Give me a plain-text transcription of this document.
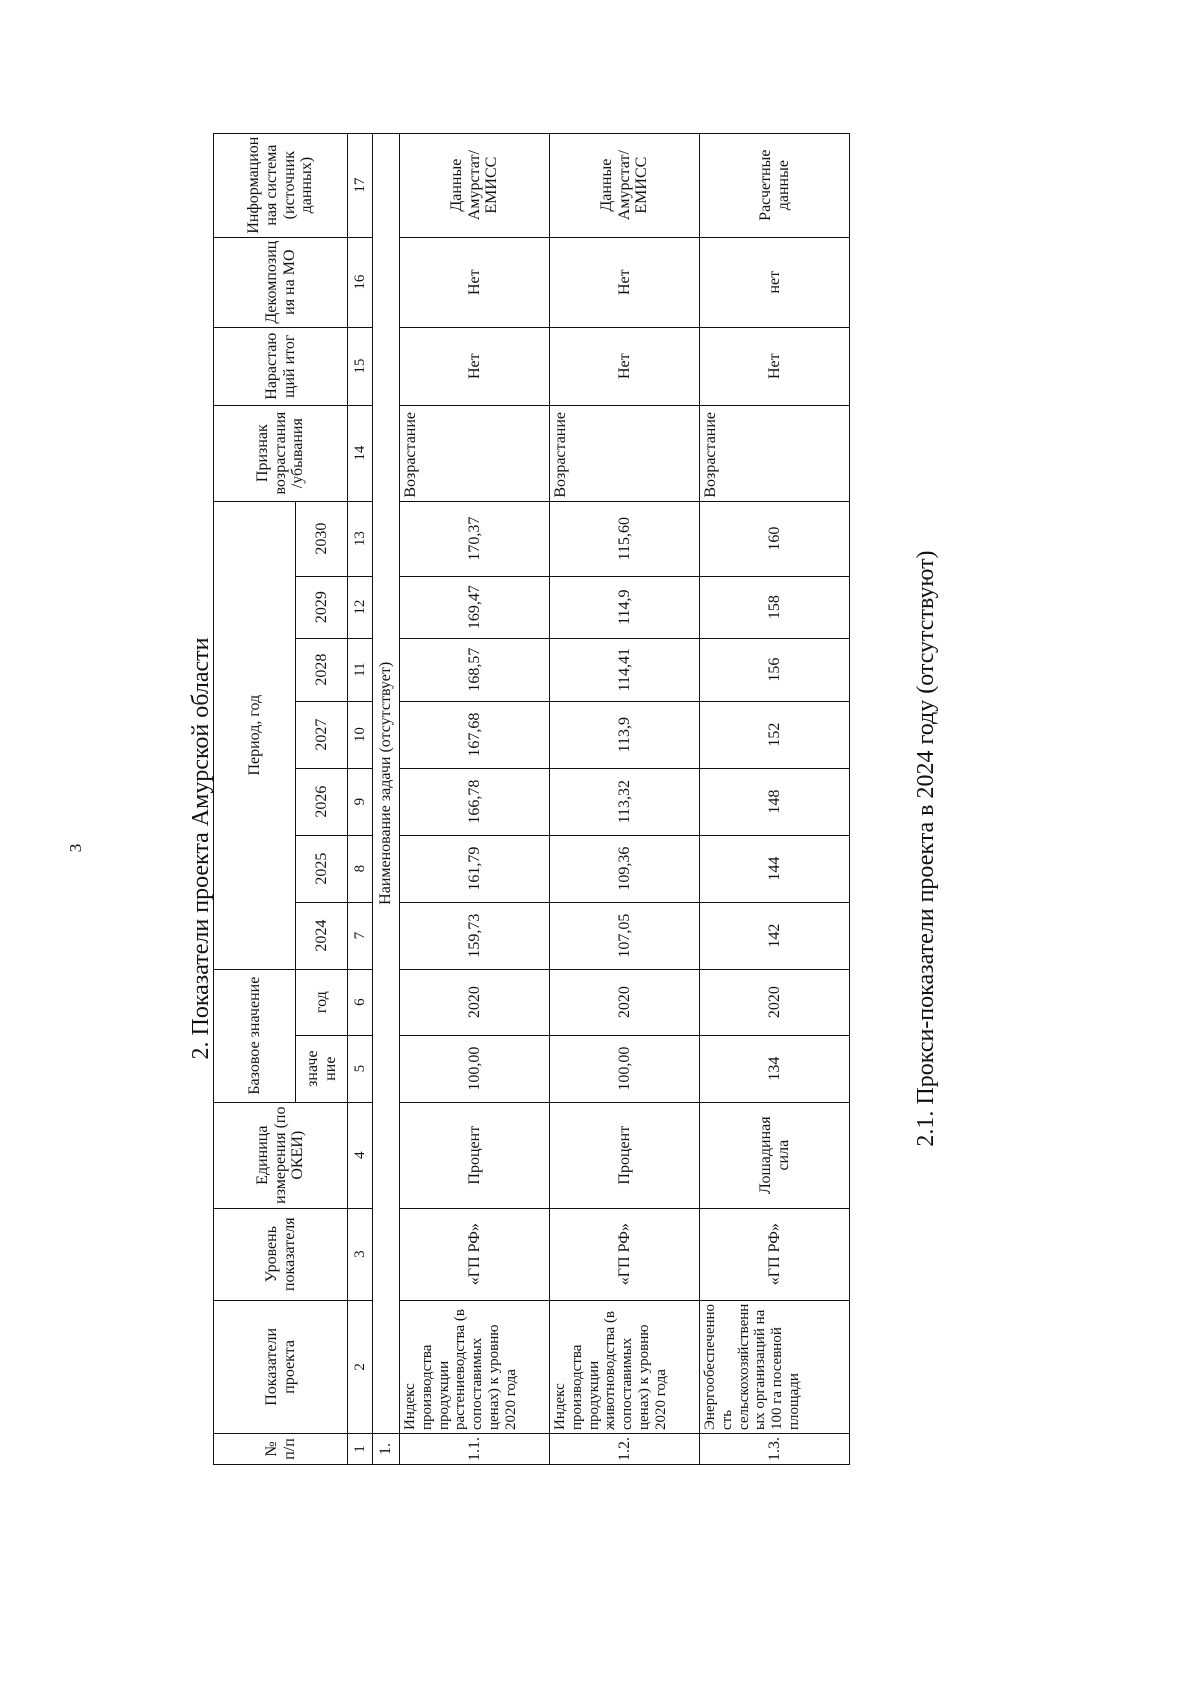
3	2. Показатели проекта Амурской области
№ п/п	Показатели проекта	Уровень показателя	Единица измерения (по ОКЕИ)	Базовое значение		Период, год							Признак возрастания /убывания	Нарастаю щий итог	Декомпозиц ия на МО	Информацион ная система (источник данных)
				значе ние	год	2024	2025	2026	2027	2028	2029	2030				
1	2	3	4	5	6	7	8	9	10	11	12	13	14	15	16	17
1.	Наименование задачи (отсутствует)															
1.1.	Индекс производства продукции растениеводства (в сопоставимых ценах) к уровню 2020 года	«ГП РФ»	Процент	100,00	2020	159,73	161,79	166,78	167,68	168,57	169,47	170,37	Возрастание	Нет	Нет	Данные Амурстат/ ЕМИСС
1.2.	Индекс производства продукции животноводства (в сопоставимых ценах) к уровню 2020 года	«ГП РФ»	Процент	100,00	2020	107,05	109,36	113,32	113,9	114,41	114,9	115,60	Возрастание	Нет	Нет	Данные Амурстат/ ЕМИСС
1.3.	Энергообеспеченно сть сельскохозяйственн ых организаций на 100 га посевной площади	«ГП РФ»	Лошадиная сила	134	2020	142	144	148	152	156	158	160	Возрастание	Нет	нет	Расчетные данные
2.1. Прокси-показатели проекта в 2024 году (отсутствуют)
